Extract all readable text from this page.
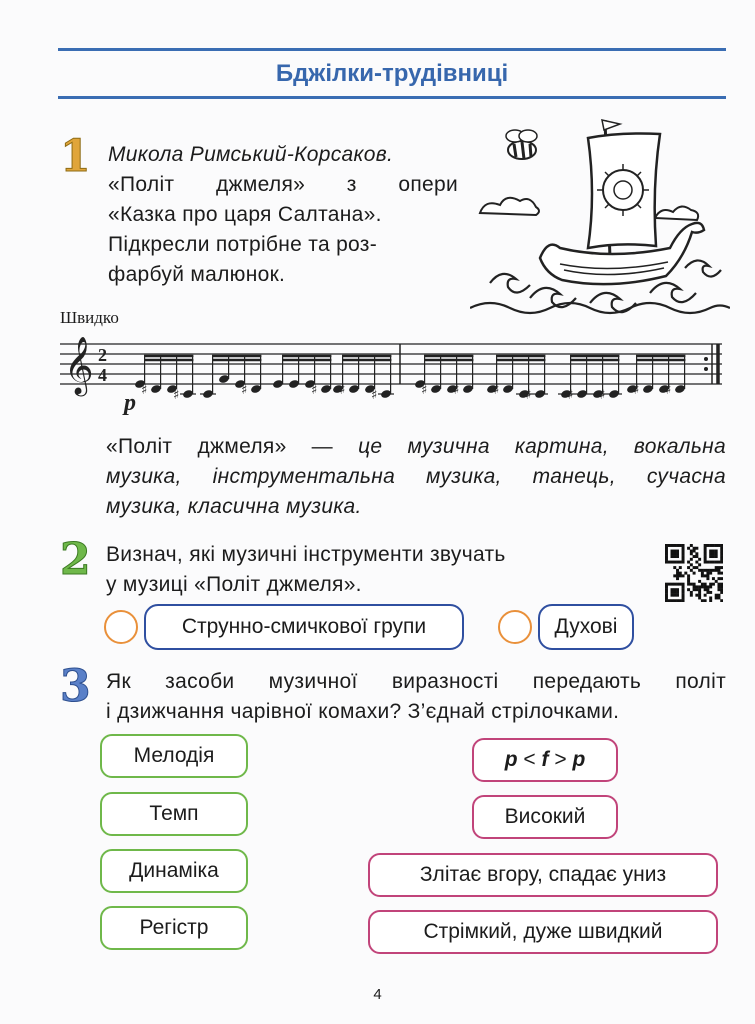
Бджілки-трудівниці
1 Микола Римський-Корсаков.
«Політ джмеля» з опери
«Казка про царя Салтана».
Підкресли потрібне та роз-
фарбуй малюнок.
Швидко
𝄞 2
4
♯ ♯	♯	♯ ♯ ♯	♯ ♯	♯ ♯	♯ ♯ ♯ ♯
p
«Політ джмеля» — це музична картина, вокальна
музика, інструментальна музика, танець, сучасна
музика, класична музика.
2 Визнач, які музичні інструменти звучать
у музиці «Політ джмеля».
Струнно-смичкової групи	Духові
3 Як засоби музичної виразності передають політ
і дзижчання чарівної комахи? З’єднай стрілочками.
Мелодія
Темп
Динаміка
Регістр
p < f > p
Високий
Злітає вгору, спадає униз
Стрімкий, дуже швидкий
4
